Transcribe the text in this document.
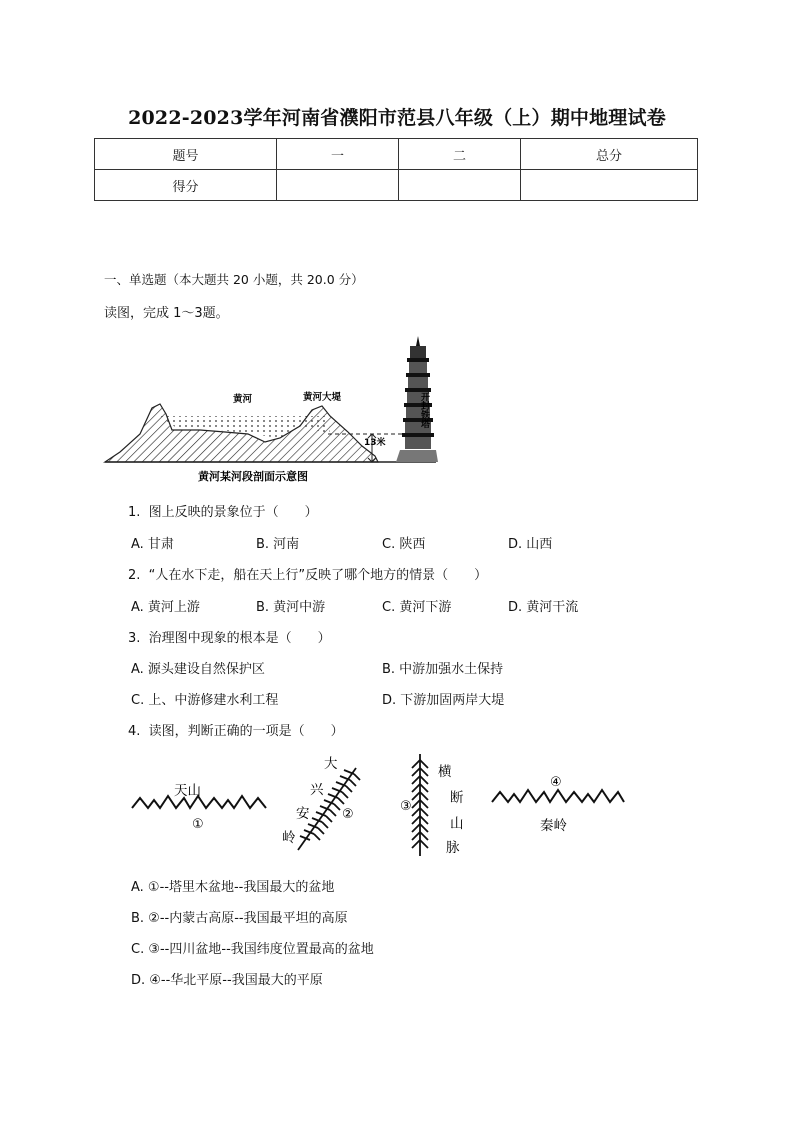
2022-2023学年河南省濮阳市范县八年级（上）期中地理试卷
题号	一	二	总分
得分			
一、单选题（本大题共 20 小题，共 20.0 分）
读图，完成 1～3题。
13米
黄河	黄河大堤	开封铁塔
黄河某河段剖面示意图
1. 图上反映的景象位于（　　）
A. 甘肃	B. 河南	C. 陕西	D. 山西
2. “人在水下走，船在天上行”反映了哪个地方的情景（　　）
A. 黄河上游	B. 黄河中游	C. 黄河下游	D. 黄河干流
3. 治理图中现象的根本是（　　）
A. 源头建设自然保护区	B. 中游加强水土保持
C. 上、中游修建水利工程	D. 下游加固两岸大堤
4. 读图，判断正确的一项是（　　）
天山
①
大
兴
安
岭
②
③
横
断
山
脉
④
秦岭
A. ①--塔里木盆地--我国最大的盆地
B. ②--内蒙古高原--我国最平坦的高原
C. ③--四川盆地--我国纬度位置最高的盆地
D. ④--华北平原--我国最大的平原
